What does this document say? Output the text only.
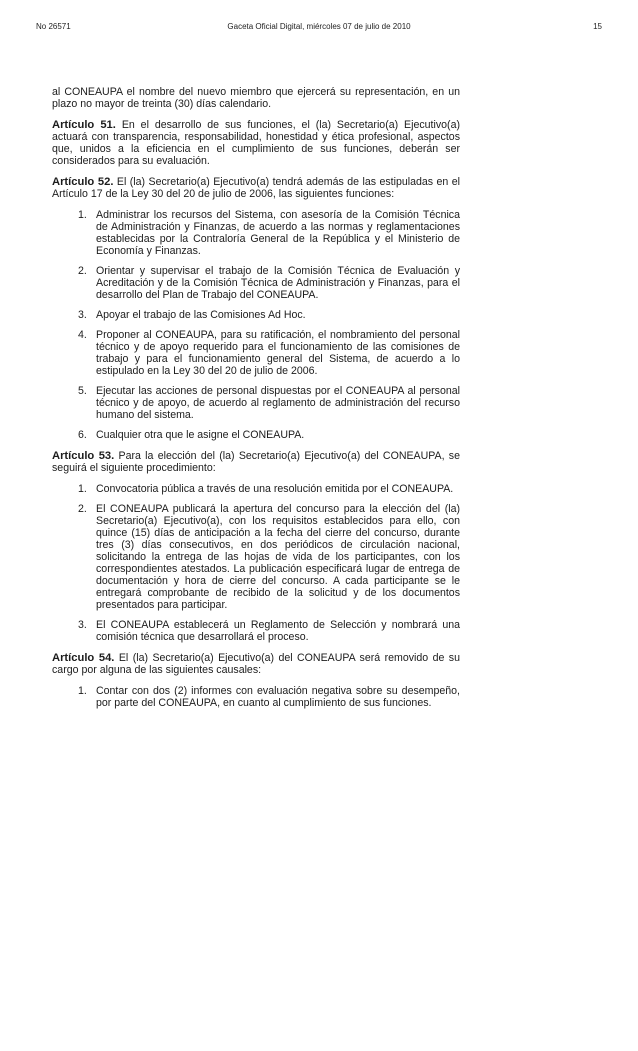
No 26571	Gaceta Oficial Digital, miércoles 07 de julio de 2010	15

al CONEAUPA el nombre del nuevo miembro que ejercerá su representación, en un plazo no mayor de treinta (30) días calendario.

Artículo 51. En el desarrollo de sus funciones, el (la) Secretario(a) Ejecutivo(a) actuará con transparencia, responsabilidad, honestidad y ética profesional, aspectos que, unidos a la eficiencia en el cumplimiento de sus funciones, deberán ser considerados para su evaluación.

Artículo 52. El (la) Secretario(a) Ejecutivo(a) tendrá además de las estipuladas en el Artículo 17 de la Ley 30 del 20 de julio de 2006, las siguientes funciones:

1. Administrar los recursos del Sistema, con asesoría de la Comisión Técnica de Administración y Finanzas, de acuerdo a las normas y reglamentaciones establecidas por la Contraloría General de la República y el Ministerio de Economía y Finanzas.
2. Orientar y supervisar el trabajo de la Comisión Técnica de Evaluación y Acreditación y de la Comisión Técnica de Administración y Finanzas, para el desarrollo del Plan de Trabajo del CONEAUPA.
3. Apoyar el trabajo de las Comisiones Ad Hoc.
4. Proponer al CONEAUPA, para su ratificación, el nombramiento del personal técnico y de apoyo requerido para el funcionamiento de las comisiones de trabajo y para el funcionamiento general del Sistema, de acuerdo a lo estipulado en la Ley 30 del 20 de julio de 2006.
5. Ejecutar las acciones de personal dispuestas por el CONEAUPA al personal técnico y de apoyo, de acuerdo al reglamento de administración del recurso humano del sistema.
6. Cualquier otra que le asigne el CONEAUPA.

Artículo 53. Para la elección del (la) Secretario(a) Ejecutivo(a) del CONEAUPA, se seguirá el siguiente procedimiento:

1. Convocatoria pública a través de una resolución emitida por el CONEAUPA.
2. El CONEAUPA publicará la apertura del concurso para la elección del (la) Secretario(a) Ejecutivo(a), con los requisitos establecidos para ello, con quince (15) días de anticipación a la fecha del cierre del concurso, durante tres (3) días consecutivos, en dos periódicos de circulación nacional, solicitando la entrega de las hojas de vida de los participantes, con los correspondientes atestados. La publicación especificará lugar de entrega de documentación y hora de cierre del concurso. A cada participante se le entregará comprobante de recibido de la solicitud y de los documentos presentados para participar.
3. El CONEAUPA establecerá un Reglamento de Selección y nombrará una comisión técnica que desarrollará el proceso.

Artículo 54. El (la) Secretario(a) Ejecutivo(a) del CONEAUPA será removido de su cargo por alguna de las siguientes causales:

1. Contar con dos (2) informes con evaluación negativa sobre su desempeño, por parte del CONEAUPA, en cuanto al cumplimiento de sus funciones.
